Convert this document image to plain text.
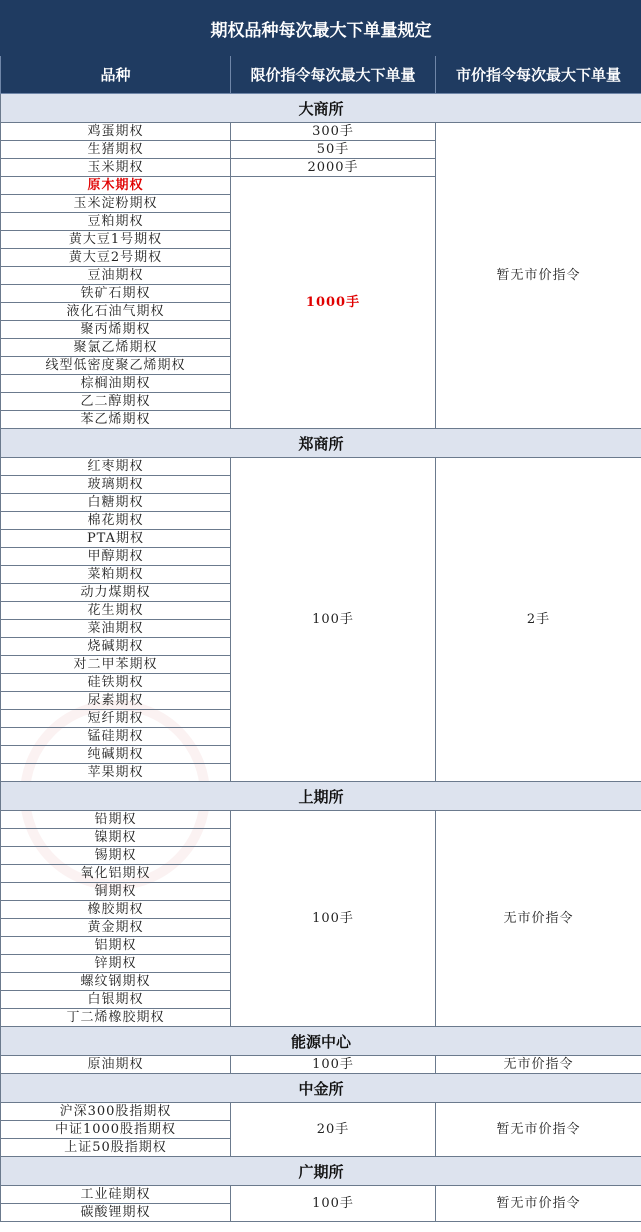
期权品种每次最大下单量规定		
品种	限价指令每次最大下单量	市价指令每次最大下单量
大商所		
鸡蛋期权	300手	暂无市价指令
生猪期权	50手	
玉米期权	2000手	
原木期权	1000手	
玉米淀粉期权		
豆粕期权		
黄大豆1号期权		
黄大豆2号期权		
豆油期权		
铁矿石期权		
液化石油气期权		
聚丙烯期权		
聚氯乙烯期权		
线型低密度聚乙烯期权		
棕榈油期权		
乙二醇期权		
苯乙烯期权		
郑商所		
红枣期权	100手	2手
玻璃期权		
白糖期权		
棉花期权		
PTA期权		
甲醇期权		
菜粕期权		
动力煤期权		
花生期权		
菜油期权		
烧碱期权		
对二甲苯期权		
硅铁期权		
尿素期权		
短纤期权		
锰硅期权		
纯碱期权		
苹果期权		
上期所		
铅期权	100手	无市价指令
镍期权		
锡期权		
氧化铝期权		
铜期权		
橡胶期权		
黄金期权		
铝期权		
锌期权		
螺纹钢期权		
白银期权		
丁二烯橡胶期权		
能源中心		
原油期权	100手	无市价指令
中金所		
沪深300股指期权	20手	暂无市价指令
中证1000股指期权		
上证50股指期权		
广期所		
工业硅期权	100手	暂无市价指令
碳酸锂期权		
